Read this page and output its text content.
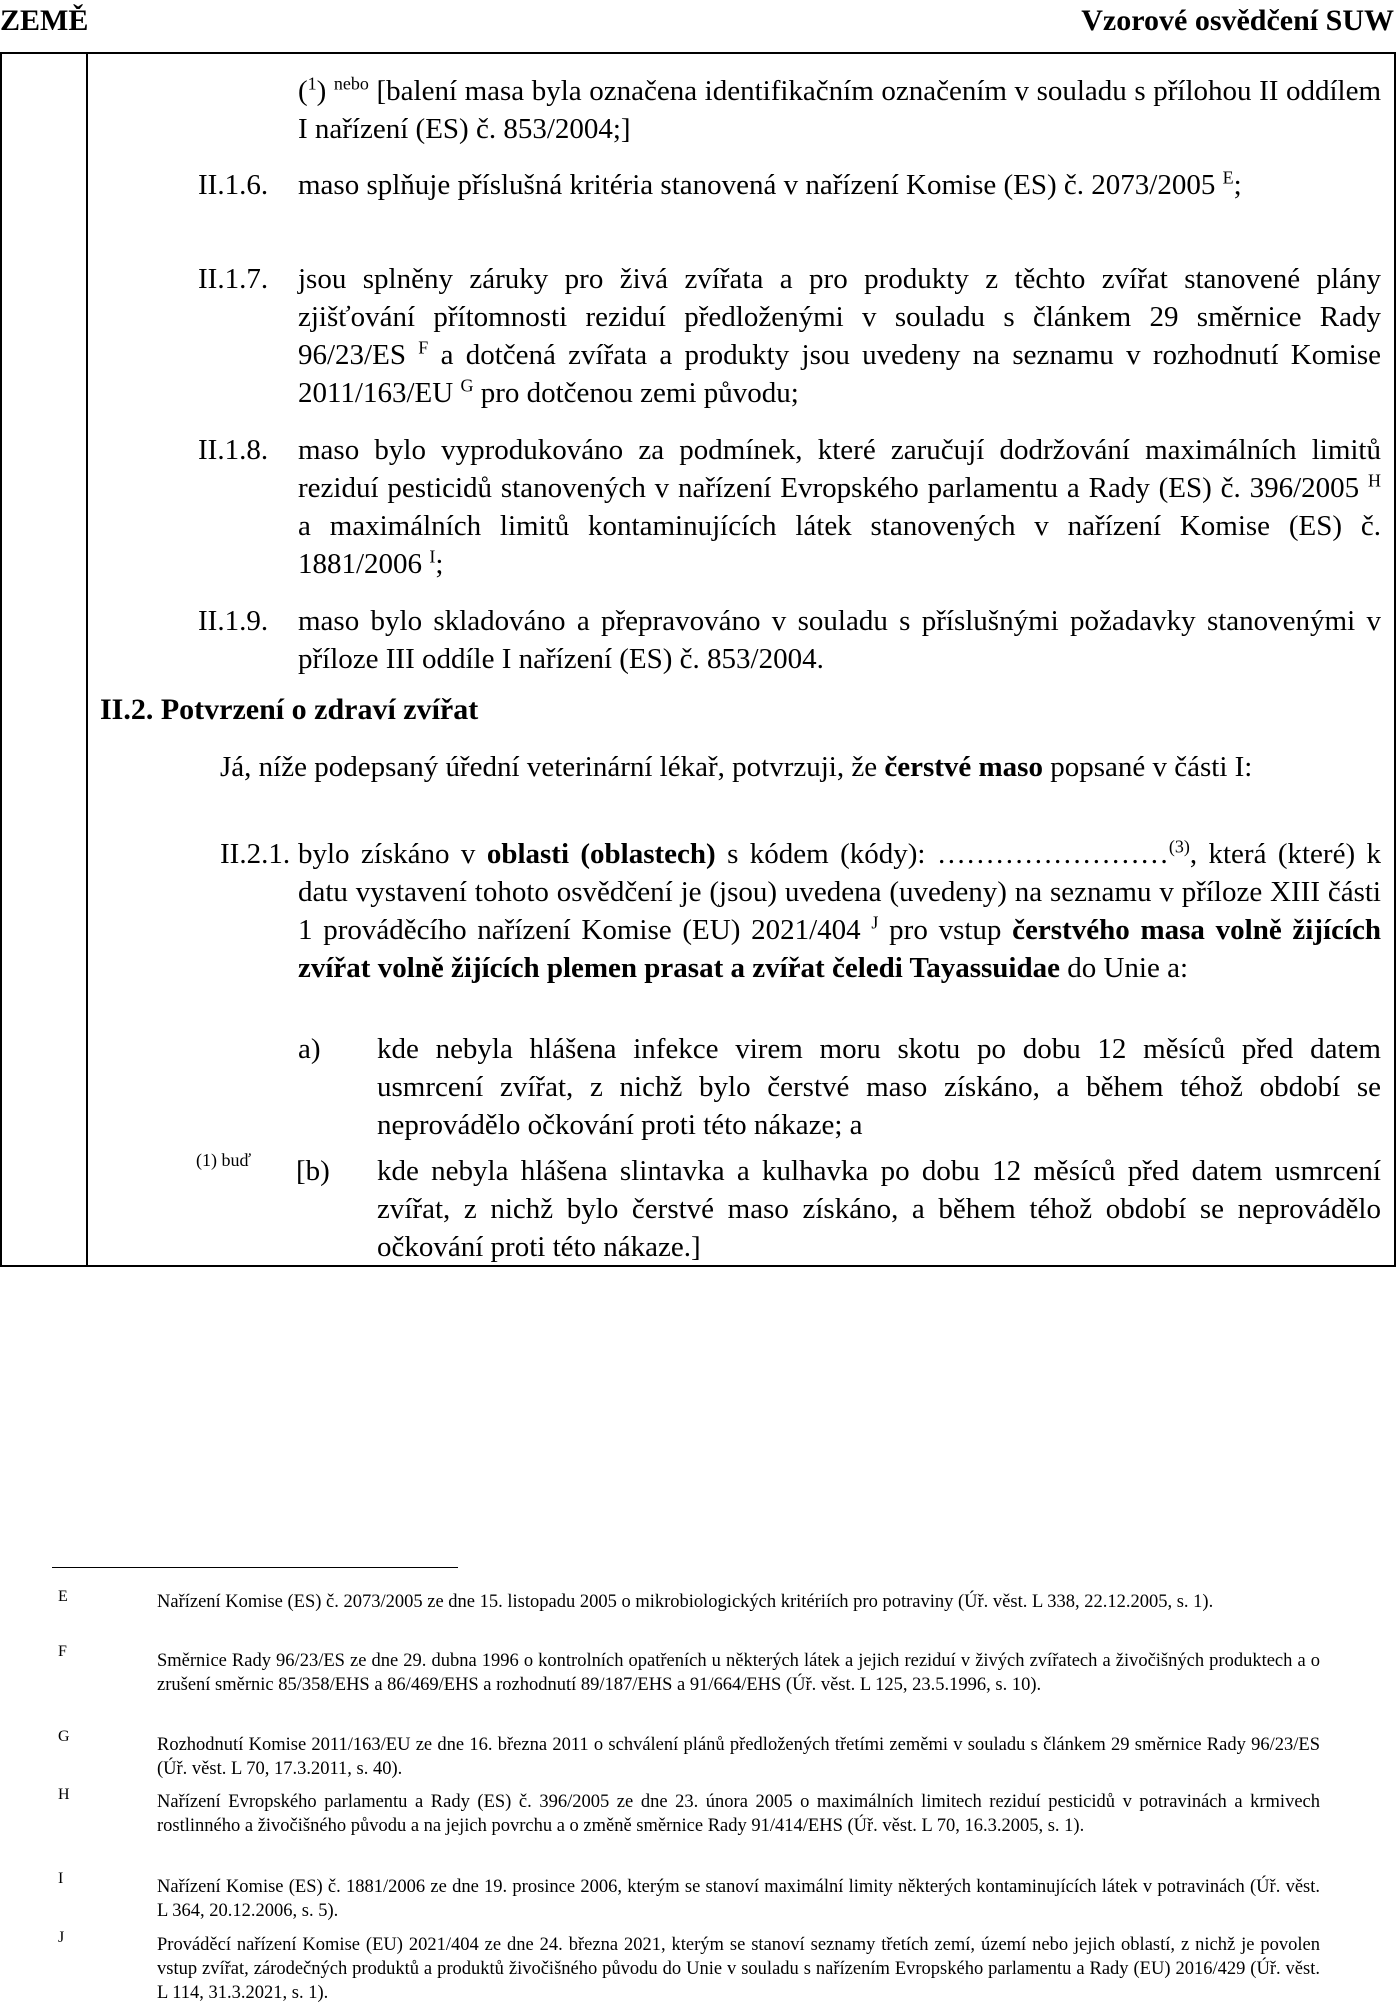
ZEMĚ	Vzorové osvědčení SUW
($^1$) $^{nebo}$ [balení masa byla označena identifikačním označením v souladu s přílohou II oddílem I nařízení (ES) č. 853/2004;]
II.1.6. maso splňuje příslušná kritéria stanovená v nařízení Komise (ES) č. 2073/2005 $^E$;
II.1.7. jsou splněny záruky pro živá zvířata a pro produkty z těchto zvířat stanovené plány zjišťování přítomnosti reziduí předloženými v souladu s článkem 29 směrnice Rady 96/23/ES $^F$ a dotčená zvířata a produkty jsou uvedeny na seznamu v rozhodnutí Komise 2011/163/EU $^G$ pro dotčenou zemi původu;
II.1.8. maso bylo vyprodukováno za podmínek, které zaručují dodržování maximálních limitů reziduí pesticidů stanovených v nařízení Evropského parlamentu a Rady (ES) č. 396/2005 $^H$ a maximálních limitů kontaminujících látek stanovených v nařízení Komise (ES) č. 1881/2006 $^I$;
II.1.9. maso bylo skladováno a přepravováno v souladu s příslušnými požadavky stanovenými v příloze III oddíle I nařízení (ES) č. 853/2004.
II.2. Potvrzení o zdraví zvířat
Já, níže podepsaný úřední veterinární lékař, potvrzuji, že čerstvé maso popsané v části I:
II.2.1. bylo získáno v oblasti (oblastech) s kódem (kódy): ……………………$^{(3)}$, která (které) k datu vystavení tohoto osvědčení je (jsou) uvedena (uvedeny) na seznamu v příloze XIII části 1 prováděcího nařízení Komise (EU) 2021/404 $^J$ pro vstup čerstvého masa volně žijících zvířat volně žijících plemen prasat a zvířat čeledi Tayassuidae do Unie a:
a) kde nebyla hlášena infekce virem moru skotu po dobu 12 měsíců před datem usmrcení zvířat, z nichž bylo čerstvé maso získáno, a během téhož období se neprovádělo očkování proti této nákaze; a
(1) buď [b) kde nebyla hlášena slintavka a kulhavka po dobu 12 měsíců před datem usmrcení zvířat, z nichž bylo čerstvé maso získáno, a během téhož období se neprovádělo očkování proti této nákaze.]
E	Nařízení Komise (ES) č. 2073/2005 ze dne 15. listopadu 2005 o mikrobiologických kritériích pro potraviny (Úř. věst. L 338, 22.12.2005, s. 1).
F	Směrnice Rady 96/23/ES ze dne 29. dubna 1996 o kontrolních opatřeních u některých látek a jejich reziduí v živých zvířatech a živočišných produktech a o zrušení směrnic 85/358/EHS a 86/469/EHS a rozhodnutí 89/187/EHS a 91/664/EHS (Úř. věst. L 125, 23.5.1996, s. 10).
G	Rozhodnutí Komise 2011/163/EU ze dne 16. března 2011 o schválení plánů předložených třetími zeměmi v souladu s článkem 29 směrnice Rady 96/23/ES (Úř. věst. L 70, 17.3.2011, s. 40).
H	Nařízení Evropského parlamentu a Rady (ES) č. 396/2005 ze dne 23. února 2005 o maximálních limitech reziduí pesticidů v potravinách a krmivech rostlinného a živočišného původu a na jejich povrchu a o změně směrnice Rady 91/414/EHS (Úř. věst. L 70, 16.3.2005, s. 1).
I	Nařízení Komise (ES) č. 1881/2006 ze dne 19. prosince 2006, kterým se stanoví maximální limity některých kontaminujících látek v potravinách (Úř. věst. L 364, 20.12.2006, s. 5).
J	Prováděcí nařízení Komise (EU) 2021/404 ze dne 24. března 2021, kterým se stanoví seznamy třetích zemí, území nebo jejich oblastí, z nichž je povolen vstup zvířat, zárodečných produktů a produktů živočišného původu do Unie v souladu s nařízením Evropského parlamentu a Rady (EU) 2016/429 (Úř. věst. L 114, 31.3.2021, s. 1).
